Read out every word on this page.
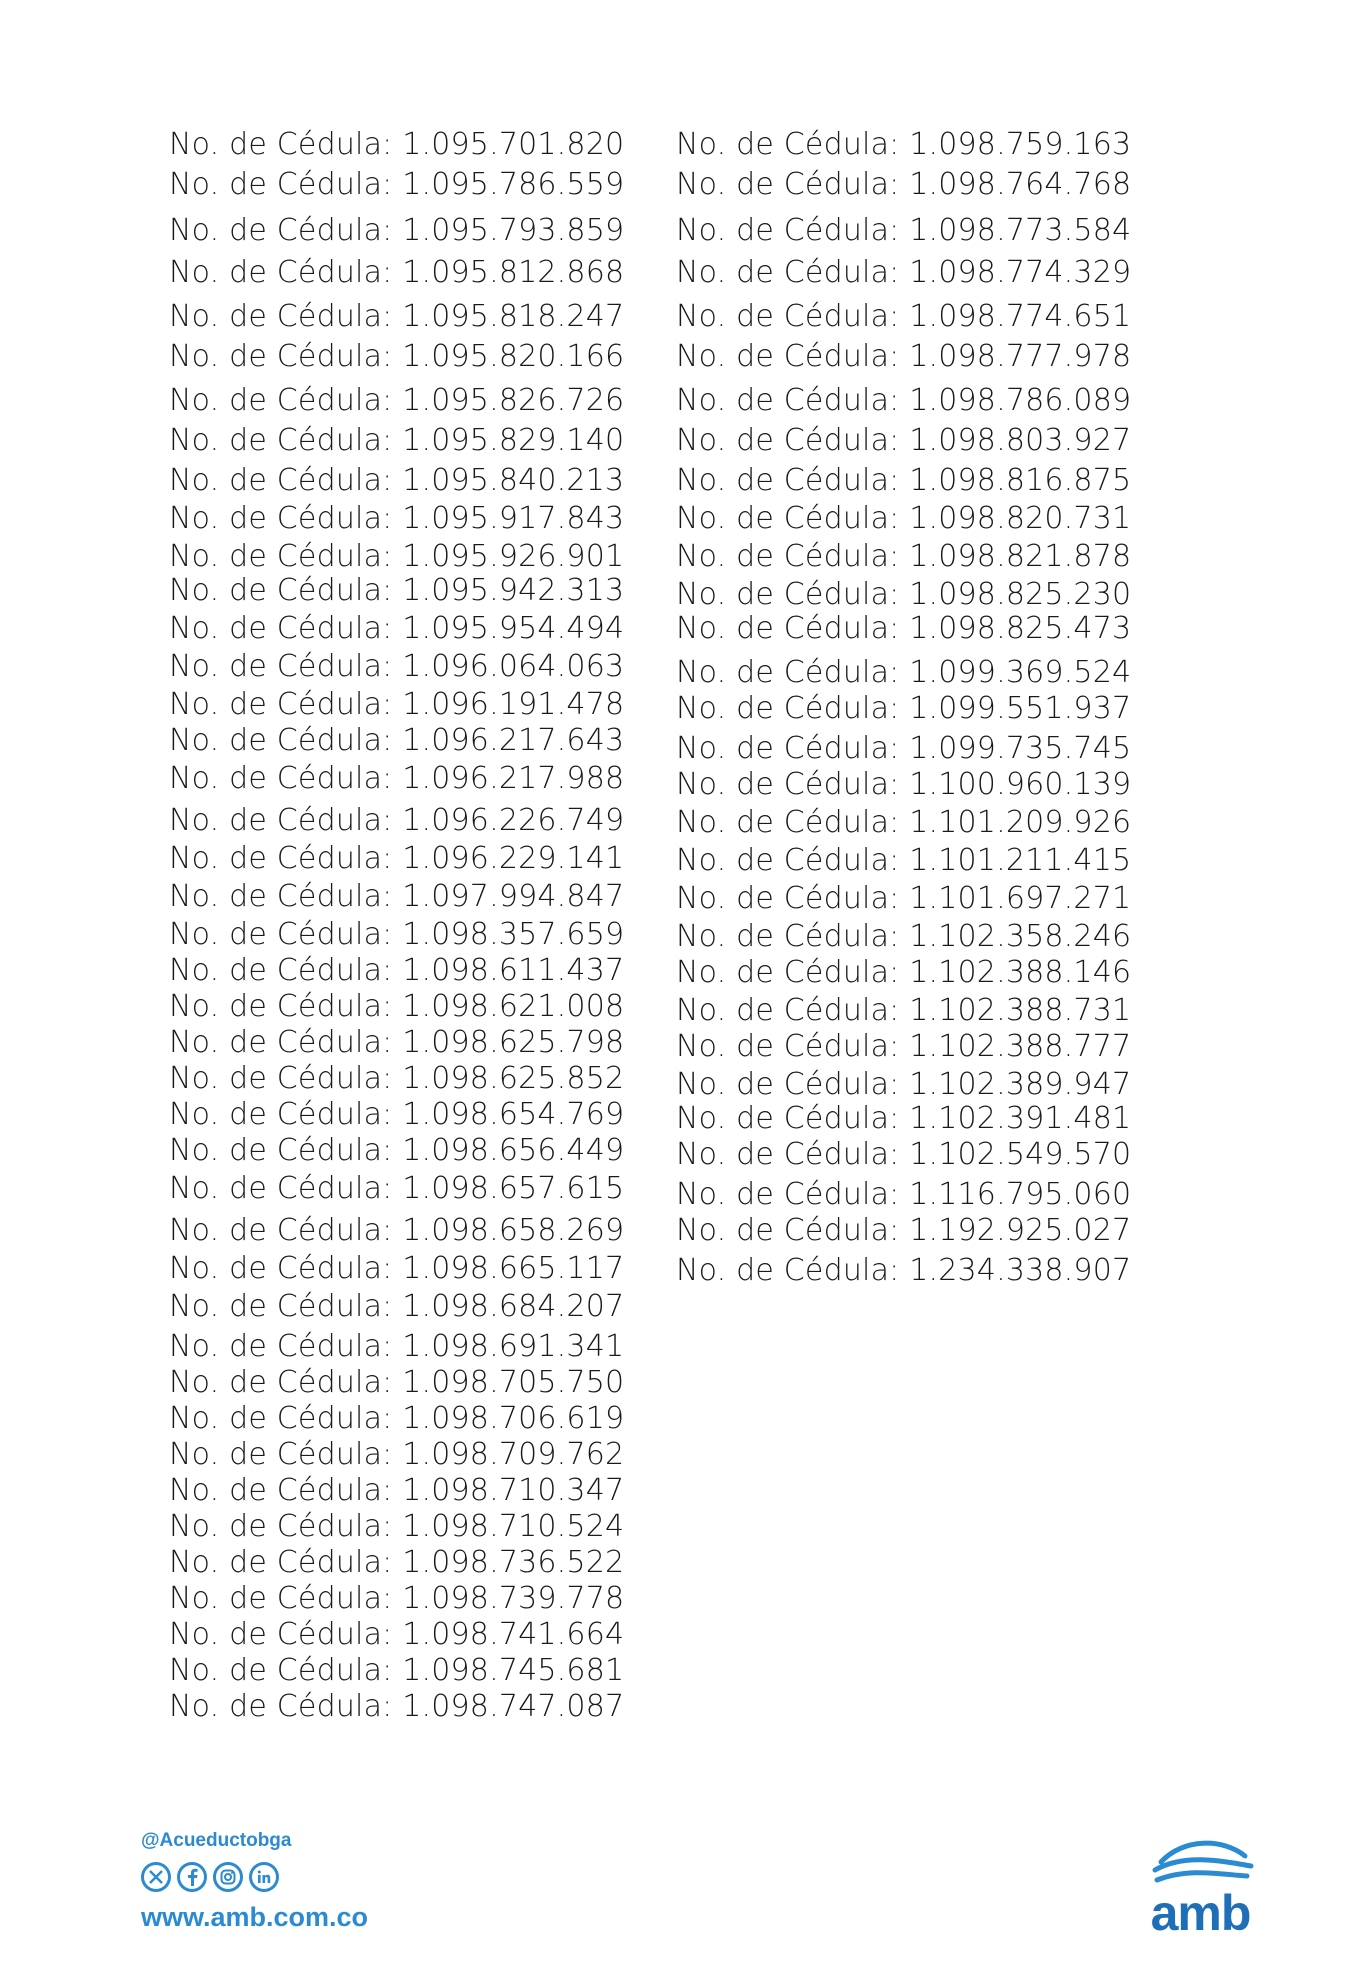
No. de Cédula: 1.095.701.820
No. de Cédula: 1.095.786.559
No. de Cédula: 1.095.793.859
No. de Cédula: 1.095.812.868
No. de Cédula: 1.095.818.247
No. de Cédula: 1.095.820.166
No. de Cédula: 1.095.826.726
No. de Cédula: 1.095.829.140
No. de Cédula: 1.095.840.213
No. de Cédula: 1.095.917.843
No. de Cédula: 1.095.926.901
No. de Cédula: 1.095.942.313
No. de Cédula: 1.095.954.494
No. de Cédula: 1.096.064.063
No. de Cédula: 1.096.191.478
No. de Cédula: 1.096.217.643
No. de Cédula: 1.096.217.988
No. de Cédula: 1.096.226.749
No. de Cédula: 1.096.229.141
No. de Cédula: 1.097.994.847
No. de Cédula: 1.098.357.659
No. de Cédula: 1.098.611.437
No. de Cédula: 1.098.621.008
No. de Cédula: 1.098.625.798
No. de Cédula: 1.098.625.852
No. de Cédula: 1.098.654.769
No. de Cédula: 1.098.656.449
No. de Cédula: 1.098.657.615
No. de Cédula: 1.098.658.269
No. de Cédula: 1.098.665.117
No. de Cédula: 1.098.684.207
No. de Cédula: 1.098.691.341
No. de Cédula: 1.098.705.750
No. de Cédula: 1.098.706.619
No. de Cédula: 1.098.709.762
No. de Cédula: 1.098.710.347
No. de Cédula: 1.098.710.524
No. de Cédula: 1.098.736.522
No. de Cédula: 1.098.739.778
No. de Cédula: 1.098.741.664
No. de Cédula: 1.098.745.681
No. de Cédula: 1.098.747.087
No. de Cédula: 1.098.759.163
No. de Cédula: 1.098.764.768
No. de Cédula: 1.098.773.584
No. de Cédula: 1.098.774.329
No. de Cédula: 1.098.774.651
No. de Cédula: 1.098.777.978
No. de Cédula: 1.098.786.089
No. de Cédula: 1.098.803.927
No. de Cédula: 1.098.816.875
No. de Cédula: 1.098.820.731
No. de Cédula: 1.098.821.878
No. de Cédula: 1.098.825.230
No. de Cédula: 1.098.825.473
No. de Cédula: 1.099.369.524
No. de Cédula: 1.099.551.937
No. de Cédula: 1.099.735.745
No. de Cédula: 1.100.960.139
No. de Cédula: 1.101.209.926
No. de Cédula: 1.101.211.415
No. de Cédula: 1.101.697.271
No. de Cédula: 1.102.358.246
No. de Cédula: 1.102.388.146
No. de Cédula: 1.102.388.731
No. de Cédula: 1.102.388.777
No. de Cédula: 1.102.389.947
No. de Cédula: 1.102.391.481
No. de Cédula: 1.102.549.570
No. de Cédula: 1.116.795.060
No. de Cédula: 1.192.925.027
No. de Cédula: 1.234.338.907
@Acueductobga
www.amb.com.co	amb
